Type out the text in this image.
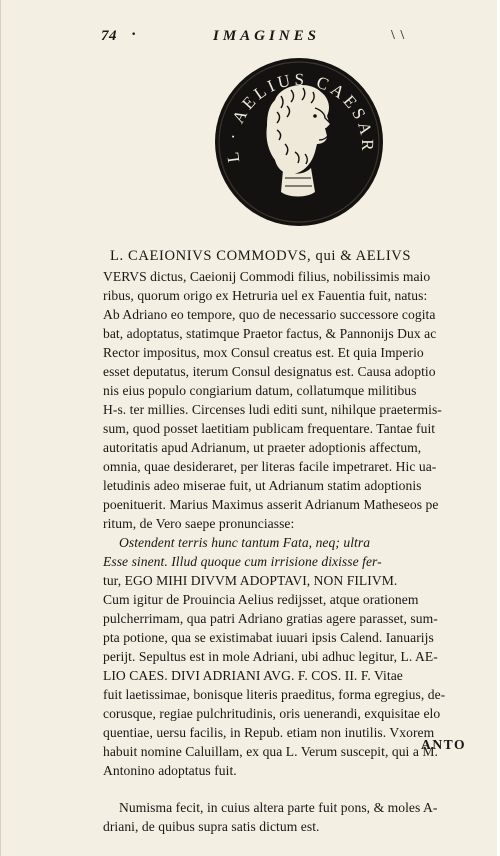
74 ·	IMAGINES	\ \
L · AELIUS CAESAR
L. CAEIONIVS COMMODVS, qui & AELIVS
VERVS dictus, Caeionij Commodi filius, nobilissimis maio
ribus, quorum origo ex Hetruria uel ex Fauentia fuit, natus:
Ab Adriano eo tempore, quo de necessario successore cogita
bat, adoptatus, statimque Praetor factus, & Pannonijs Dux ac
Rector impositus, mox Consul creatus est. Et quia Imperio
esset deputatus, iterum Consul designatus est. Causa adoptio
nis eius populo congiarium datum, collatumque militibus
H-s. ter millies. Circenses ludi editi sunt, nihilque praetermis-
sum, quod posset laetitiam publicam frequentare. Tantae fuit
autoritatis apud Adrianum, ut praeter adoptionis affectum,
omnia, quae desideraret, per literas facile impetraret. Hic ua-
letudinis adeo miserae fuit, ut Adrianum statim adoptionis
poenituerit. Marius Maximus asserit Adrianum Matheseos pe
ritum, de Vero saepe pronunciasse:
Ostendent terris hunc tantum Fata, neq; ultra
Esse sinent. Illud quoque cum irrisione dixisse fer-
tur, EGO MIHI DIVVM ADOPTAVI, NON FILIVM.
Cum igitur de Prouincia Aelius redijsset, atque orationem
pulcherrimam, qua patri Adriano gratias agere parasset, sum-
pta potione, qua se existimabat iuuari ipsis Calend. Ianuarijs
perijt. Sepultus est in mole Adriani, ubi adhuc legitur, L. AE-
LIO CAES. DIVI ADRIANI AVG. F. COS. II. F. Vitae
fuit laetissimae, bonisque literis praeditus, forma egregius, de-
corusque, regiae pulchritudinis, oris uenerandi, exquisitae elo
quentiae, uersu facilis, in Repub. etiam non inutilis. Vxorem
habuit nomine Caluillam, ex qua L. Verum suscepit, qui a M.
Antonino adoptatus fuit.
Numisma fecit, in cuius altera parte fuit pons, & moles A-
driani, de quibus supra satis dictum est.
ANTO
